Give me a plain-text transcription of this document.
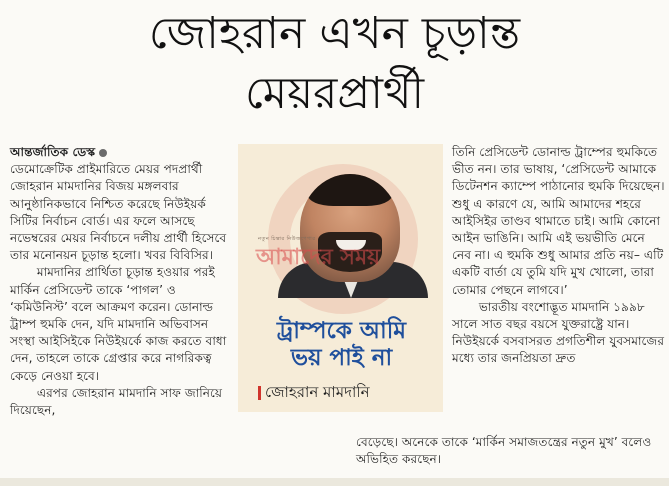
জোহরান এখন চূড়ান্ত
মেয়রপ্রার্থী

আন্তর্জাতিক ডেস্ক
ডেমোক্রেটিক প্রাইমারিতে মেয়র পদপ্রার্থী জোহরান মামদানির বিজয় মঙ্গলবার আনুষ্ঠানিকভাবে নিশ্চিত করেছে নিউইয়র্ক সিটির নির্বাচন বোর্ড। এর ফলে আসছে নভেম্বরের মেয়র নির্বাচনে দলীয় প্রার্থী হিসেবে তার মনোনয়ন চূড়ান্ত হলো। খবর বিবিসির।

মামদানির প্রার্থিতা চূড়ান্ত হওয়ার পরই মার্কিন প্রেসিডেন্ট তাকে ‘পাগল’ ও ‘কমিউনিস্ট’ বলে আক্রমণ করেন। ডোনাল্ড ট্রাম্প হুমকি দেন, যদি মামদানি অভিবাসন সংস্থা আইসিইকে নিউইয়র্কে কাজ করতে বাধা দেন, তাহলে তাকে গ্রেপ্তার করে নাগরিকত্ব কেড়ে নেওয়া হবে।

এরপর জোহরান মামদানি সাফ জানিয়ে দিয়েছেন,

নতুন চিন্তার নিউজপেপার
আমাদের সময়
ট্রাম্পকে আমি
ভয় পাই না
জোহরান মামদানি

তিনি প্রেসিডেন্ট ডোনাল্ড ট্রাম্পের হুমকিতে ভীত নন। তার ভাষায়, ‘প্রেসিডেন্ট আমাকে ডিটেনশন ক্যাম্পে পাঠানোর হুমকি দিয়েছেন। শুধু এ কারণে যে, আমি আমাদের শহরে আইসিইর তাণ্ডব থামাতে চাই। আমি কোনো আইন ভাঙিনি। আমি এই ভয়ভীতি মেনে নেব না। এ হুমকি শুধু আমার প্রতি নয়– এটি একটি বার্তা যে তুমি যদি মুখ খোলো, তারা তোমার পেছনে লাগবে।’

ভারতীয় বংশোদ্ভূত মামদানি ১৯৯৮ সালে সাত বছর বয়সে যুক্তরাষ্ট্রে যান। নিউইয়র্কে বসবাসরত প্রগতিশীল যুবসমাজের মধ্যে তার জনপ্রিয়তা দ্রুত

বেড়েছে। অনেকে তাকে ‘মার্কিন সমাজতন্ত্রের নতুন মুখ’ বলেও অভিহিত করছেন।
